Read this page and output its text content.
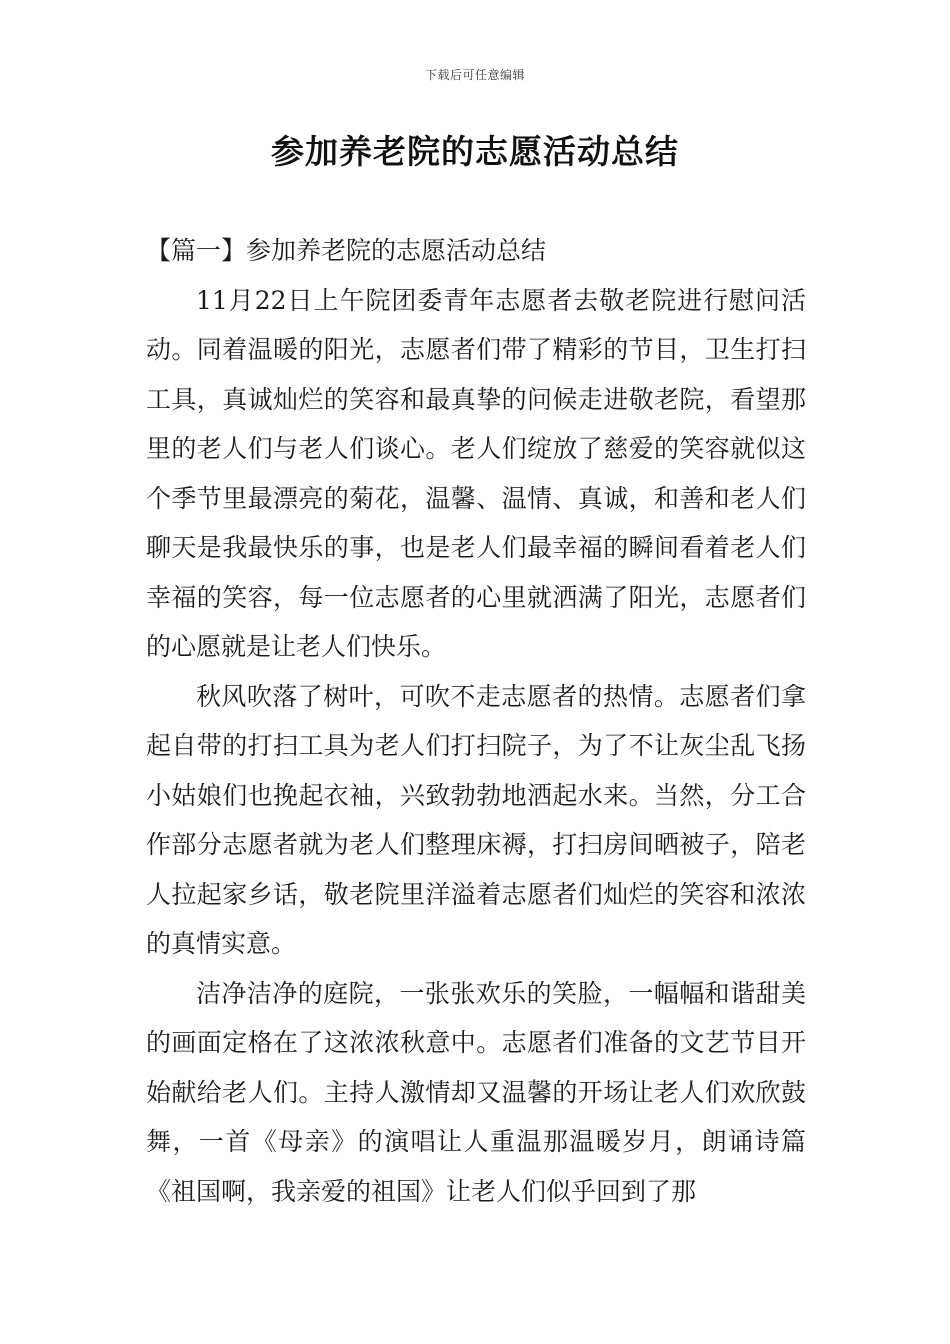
下载后可任意编辑
参加养老院的志愿活动总结

【篇一】参加养老院的志愿活动总结

11月22日上午院团委青年志愿者去敬老院进行慰问活动。同着温暖的阳光，志愿者们带了精彩的节目，卫生打扫工具，真诚灿烂的笑容和最真挚的问候走进敬老院，看望那里的老人们与老人们谈心。老人们绽放了慈爱的笑容就似这个季节里最漂亮的菊花，温馨、温情、真诚，和善和老人们聊天是我最快乐的事，也是老人们最幸福的瞬间看着老人们幸福的笑容，每一位志愿者的心里就洒满了阳光，志愿者们的心愿就是让老人们快乐。

秋风吹落了树叶，可吹不走志愿者的热情。志愿者们拿起自带的打扫工具为老人们打扫院子，为了不让灰尘乱飞扬小姑娘们也挽起衣袖，兴致勃勃地洒起水来。当然，分工合作部分志愿者就为老人们整理床褥，打扫房间晒被子，陪老人拉起家乡话，敬老院里洋溢着志愿者们灿烂的笑容和浓浓的真情实意。

洁净洁净的庭院，一张张欢乐的笑脸，一幅幅和谐甜美的画面定格在了这浓浓秋意中。志愿者们准备的文艺节目开始献给老人们。主持人激情却又温馨的开场让老人们欢欣鼓舞，一首《母亲》的演唱让人重温那温暖岁月，朗诵诗篇《祖国啊，我亲爱的祖国》让老人们似乎回到了那
